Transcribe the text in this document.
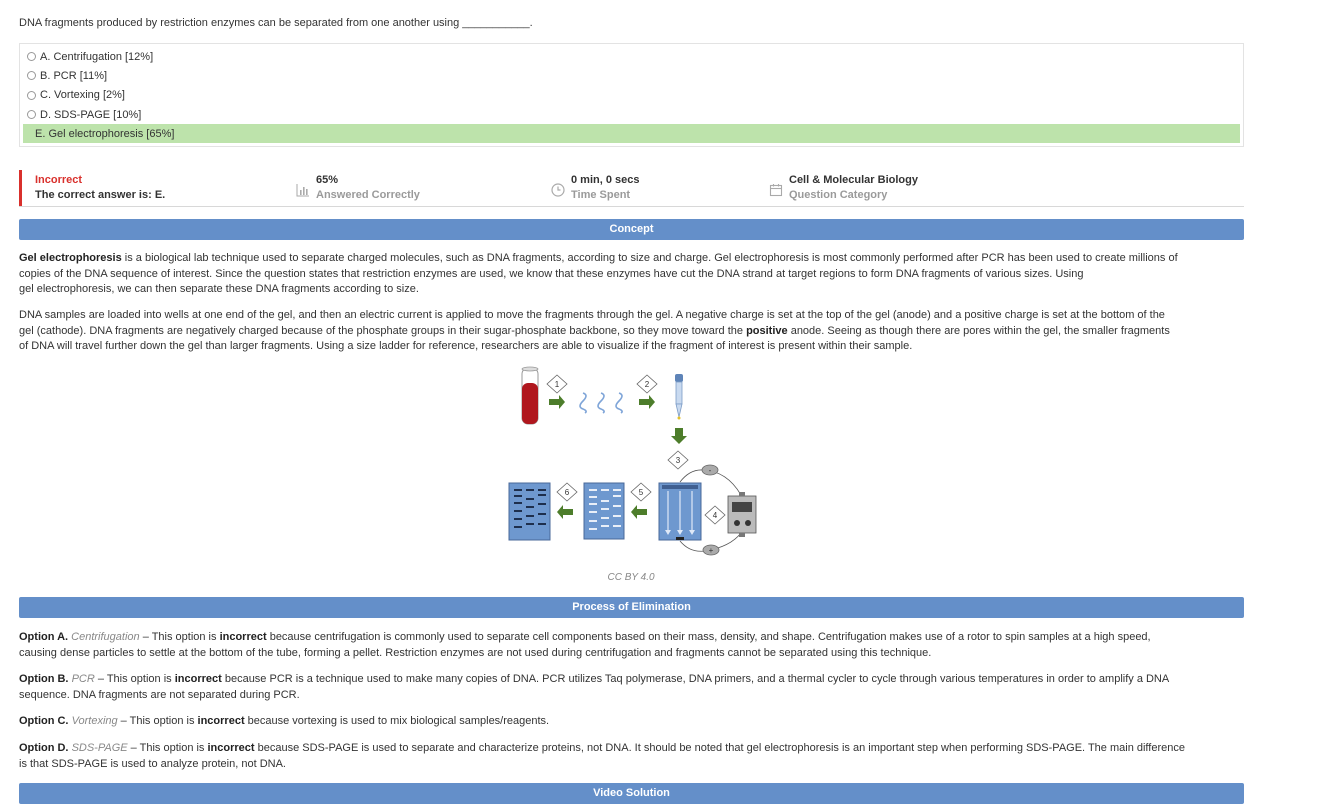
DNA fragments produced by restriction enzymes can be separated from one another using ___________.
A. Centrifugation [12%]
B. PCR [11%]
C. Vortexing [2%]
D. SDS-PAGE [10%]
E. Gel electrophoresis [65%]
Incorrect
The correct answer is: E.
65%
Answered Correctly
0 min, 0 secs
Time Spent
Cell & Molecular Biology
Question Category
Concept
Gel electrophoresis is a biological lab technique used to separate charged molecules, such as DNA fragments, according to size and charge. Gel electrophoresis is most commonly performed after PCR has been used to create millions of
copies of the DNA sequence of interest. Since the question states that restriction enzymes are used, we know that these enzymes have cut the DNA strand at target regions to form DNA fragments of various sizes. Using
gel electrophoresis, we can then separate these DNA fragments according to size.
DNA samples are loaded into wells at one end of the gel, and then an electric current is applied to move the fragments through the gel. A negative charge is set at the top of the gel (anode) and a positive charge is set at the bottom of the
gel (cathode). DNA fragments are negatively charged because of the phosphate groups in their sugar-phosphate backbone, so they move toward the positive anode. Seeing as though there are pores within the gel, the smaller fragments
of DNA will travel further down the gel than larger fragments. Using a size ladder for reference, researchers are able to visualize if the fragment of interest is present within their sample.
1	2
3
-
+
4
5
6
CC BY 4.0
Process of Elimination
Option A. Centrifugation – This option is incorrect because centrifugation is commonly used to separate cell components based on their mass, density, and shape. Centrifugation makes use of a rotor to spin samples at a high speed,
causing dense particles to settle at the bottom of the tube, forming a pellet. Restriction enzymes are not used during centrifugation and fragments cannot be separated using this technique.
Option B. PCR – This option is incorrect because PCR is a technique used to make many copies of DNA. PCR utilizes Taq polymerase, DNA primers, and a thermal cycler to cycle through various temperatures in order to amplify a DNA
sequence. DNA fragments are not separated during PCR.
Option C. Vortexing – This option is incorrect because vortexing is used to mix biological samples/reagents.
Option D. SDS-PAGE – This option is incorrect because SDS-PAGE is used to separate and characterize proteins, not DNA. It should be noted that gel electrophoresis is an important step when performing SDS-PAGE. The main difference
is that SDS-PAGE is used to analyze protein, not DNA.
Video Solution
